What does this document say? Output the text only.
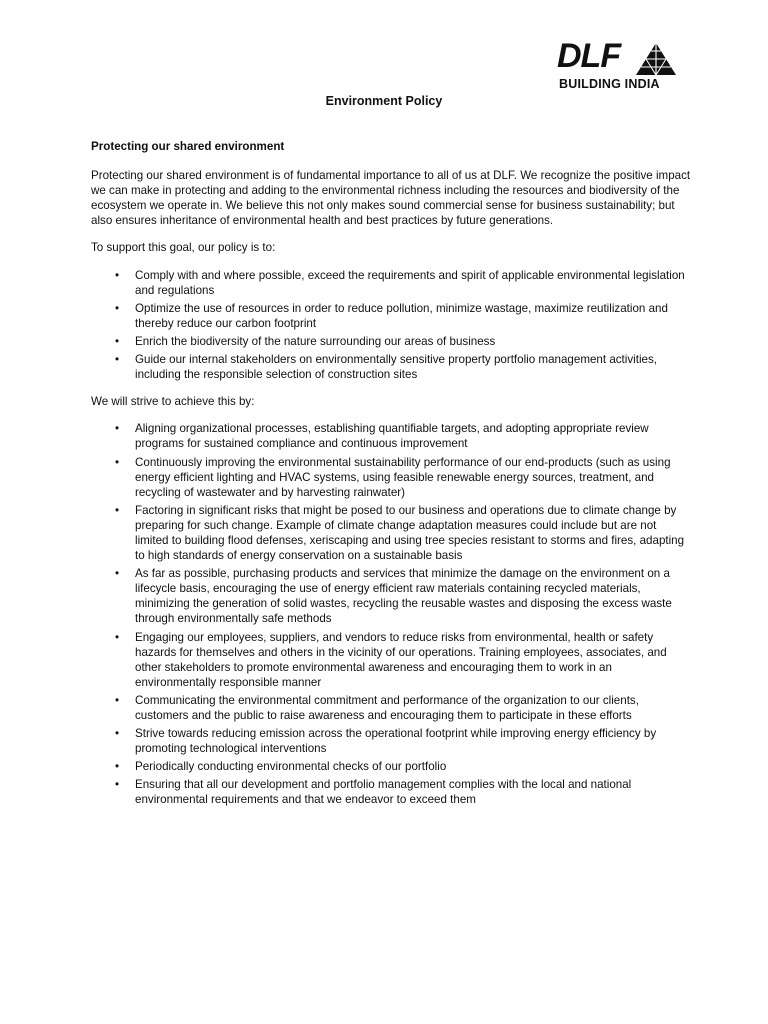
DLF
BUILDING INDIA
Environment Policy
Protecting our shared environment

Protecting our shared environment is of fundamental importance to all of us at DLF. We recognize the positive impact we can make in protecting and adding to the environmental richness including the resources and biodiversity of the ecosystem we operate in. We believe this not only makes sound commercial sense for business sustainability; but also ensures inheritance of environmental health and best practices by future generations.

To support this goal, our policy is to:

• Comply with and where possible, exceed the requirements and spirit of applicable environmental legislation and regulations
• Optimize the use of resources in order to reduce pollution, minimize wastage, maximize reutilization and thereby reduce our carbon footprint
• Enrich the biodiversity of the nature surrounding our areas of business
• Guide our internal stakeholders on environmentally sensitive property portfolio management activities, including the responsible selection of construction sites

We will strive to achieve this by:

• Aligning organizational processes, establishing quantifiable targets, and adopting appropriate review programs for sustained compliance and continuous improvement
• Continuously improving the environmental sustainability performance of our end-products (such as using energy efficient lighting and HVAC systems, using feasible renewable energy sources, treatment, and recycling of wastewater and by harvesting rainwater)
• Factoring in significant risks that might be posed to our business and operations due to climate change by preparing for such change. Example of climate change adaptation measures could include but are not limited to building flood defenses, xeriscaping and using tree species resistant to storms and fires, adapting to high standards of energy conservation on a sustainable basis
• As far as possible, purchasing products and services that minimize the damage on the environment on a lifecycle basis, encouraging the use of energy efficient raw materials containing recycled materials, minimizing the generation of solid wastes, recycling the reusable wastes and disposing the excess waste through environmentally safe methods
• Engaging our employees, suppliers, and vendors to reduce risks from environmental, health or safety hazards for themselves and others in the vicinity of our operations. Training employees, associates, and other stakeholders to promote environmental awareness and encouraging them to work in an environmentally responsible manner
• Communicating the environmental commitment and performance of the organization to our clients, customers and the public to raise awareness and encouraging them to participate in these efforts
• Strive towards reducing emission across the operational footprint while improving energy efficiency by promoting technological interventions
• Periodically conducting environmental checks of our portfolio
• Ensuring that all our development and portfolio management complies with the local and national environmental requirements and that we endeavor to exceed them
